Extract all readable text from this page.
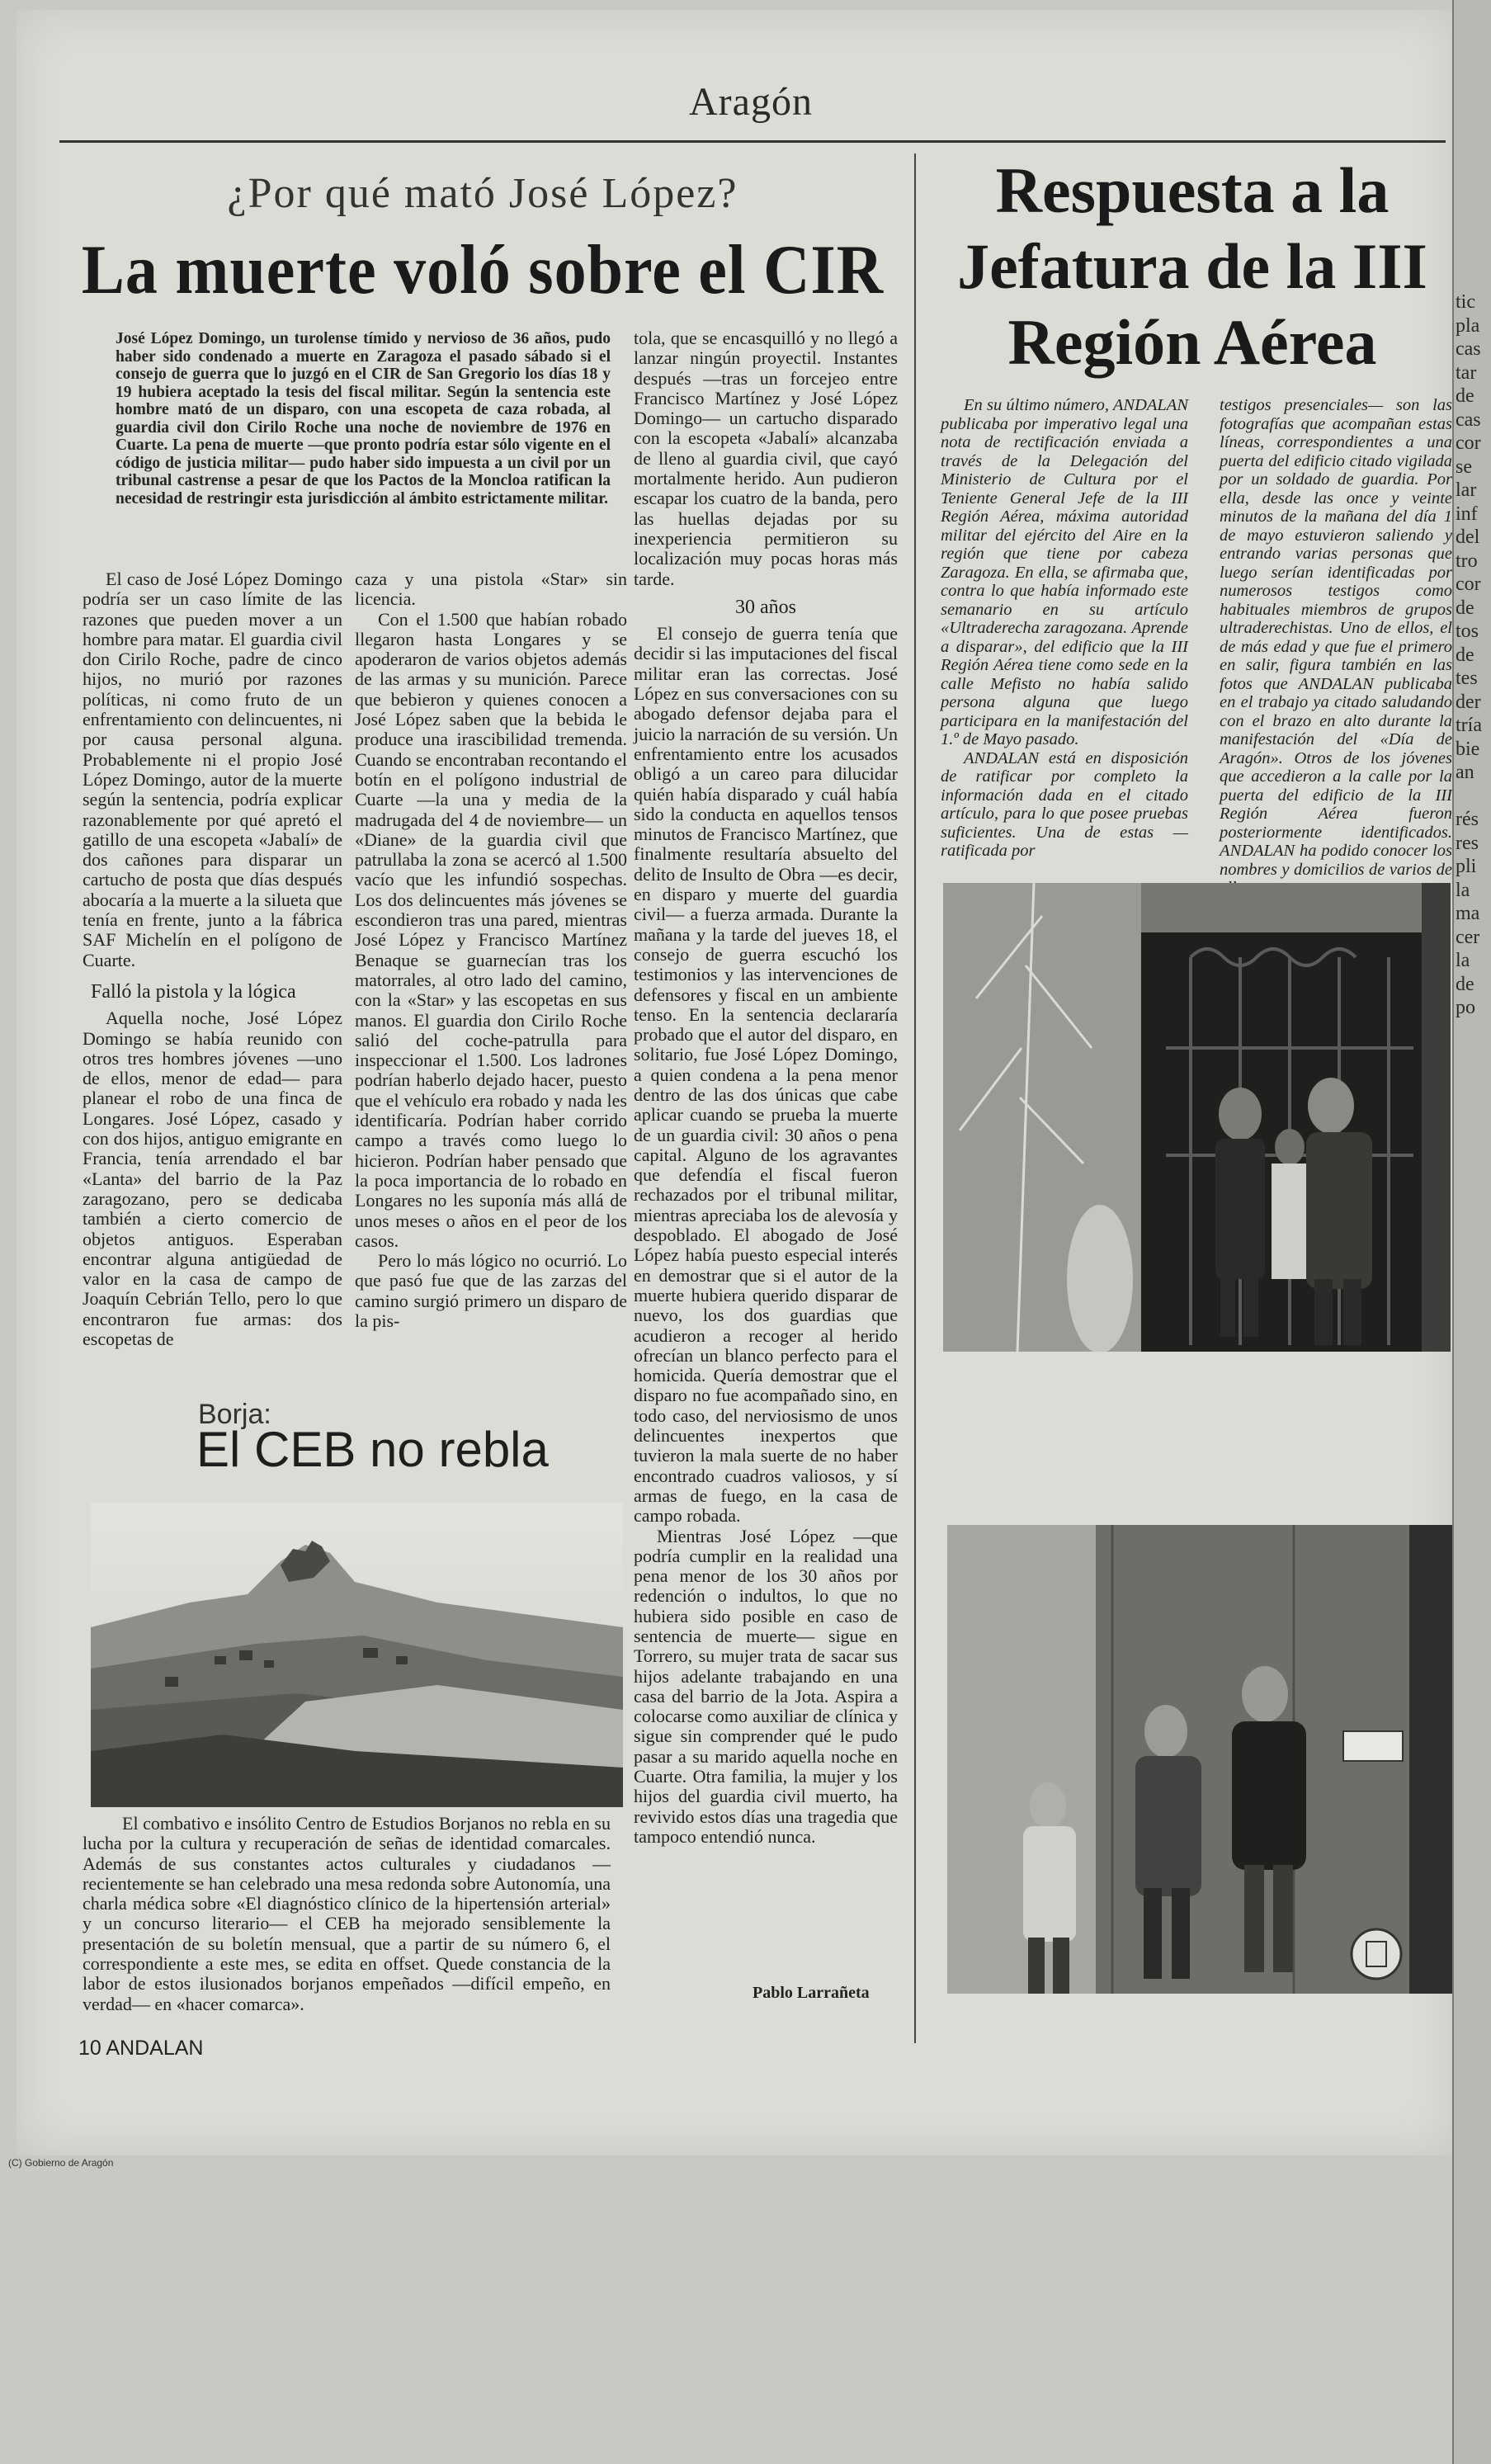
tic
pla
cas
tar
de
cas
cor
se
lar
inf
del
tro
cor
de
tos
de
tes
der
tría
bie
an

rés
res
pli
la
ma
cer
la
de
po
Aragón
¿Por qué mató José López?
La muerte voló sobre el CIR
José López Domingo, un turolense tímido y nervioso de 36 años, pudo haber sido condenado a muerte en Zaragoza el pasado sábado si el consejo de guerra que lo juzgó en el CIR de San Gregorio los días 18 y 19 hubiera aceptado la tesis del fiscal militar. Según la sentencia este hombre mató de un disparo, con una escopeta de caza robada, al guardia civil don Cirilo Roche una noche de noviembre de 1976 en Cuarte. La pena de muerte —que pronto podría estar sólo vigente en el código de justicia militar— pudo haber sido impuesta a un civil por un tribunal castrense a pesar de que los Pactos de la Moncloa ratifican la necesidad de restringir esta jurisdicción al ámbito estrictamente militar.

El caso de José López Domingo podría ser un caso límite de las razones que pueden mover a un hombre para matar. El guardia civil don Cirilo Roche, padre de cinco hijos, no murió por razones políticas, ni como fruto de un enfrentamiento con delincuentes, ni por causa personal alguna. Probablemente ni el propio José López Domingo, autor de la muerte según la sentencia, podría explicar razonablemente por qué apretó el gatillo de una escopeta «Jabalí» de dos cañones para disparar un cartucho de posta que días después abocaría a la muerte a la silueta que tenía en frente, junto a la fábrica SAF Michelín en el polígono de Cuarte.

Falló la pistola y la lógica

Aquella noche, José López Domingo se había reunido con otros tres hombres jóvenes —uno de ellos, menor de edad— para planear el robo de una finca de Longares. José López, casado y con dos hijos, antiguo emigrante en Francia, tenía arrendado el bar «Lanta» del barrio de la Paz zaragozano, pero se dedicaba también a cierto comercio de objetos antiguos. Esperaban encontrar alguna antigüedad de valor en la casa de campo de Joaquín Cebrián Tello, pero lo que encontraron fue armas: dos escopetas de

caza y una pistola «Star» sin licencia.

Con el 1.500 que habían robado llegaron hasta Longares y se apoderaron de varios objetos además de las armas y su munición. Parece que bebieron y quienes conocen a José López saben que la bebida le produce una irascibilidad tremenda. Cuando se encontraban recontando el botín en el polígono industrial de Cuarte —la una y media de la madrugada del 4 de noviembre— un «Diane» de la guardia civil que patrullaba la zona se acercó al 1.500 vacío que les infundió sospechas. Los dos delincuentes más jóvenes se escondieron tras una pared, mientras José López y Francisco Martínez Benaque se guarnecían tras los matorrales, al otro lado del camino, con la «Star» y las escopetas en sus manos. El guardia don Cirilo Roche salió del coche-patrulla para inspeccionar el 1.500. Los ladrones podrían haberlo dejado hacer, puesto que el vehículo era robado y nada les identificaría. Podrían haber corrido campo a través como luego lo hicieron. Podrían haber pensado que la poca importancia de lo robado en Longares no les suponía más allá de unos meses o años en el peor de los casos.

Pero lo más lógico no ocurrió. Lo que pasó fue que de las zarzas del camino surgió primero un disparo de la pis-

tola, que se encasquilló y no llegó a lanzar ningún proyectil. Instantes después —tras un forcejeo entre Francisco Martínez y José López Domingo— un cartucho disparado con la escopeta «Jabalí» alcanzaba de lleno al guardia civil, que cayó mortalmente herido. Aun pudieron escapar los cuatro de la banda, pero las huellas dejadas por su inexperiencia permitieron su localización muy pocas horas más tarde.

30 años

El consejo de guerra tenía que decidir si las imputaciones del fiscal militar eran las correctas. José López en sus conversaciones con su abogado defensor dejaba para el juicio la narración de su versión. Un enfrentamiento entre los acusados obligó a un careo para dilucidar quién había disparado y cuál había sido la conducta en aquellos tensos minutos de Francisco Martínez, que finalmente resultaría absuelto del delito de Insulto de Obra —es decir, en disparo y muerte del guardia civil— a fuerza armada. Durante la mañana y la tarde del jueves 18, el consejo de guerra escuchó los testimonios y las intervenciones de defensores y fiscal en un ambiente tenso. En la sentencia declararía probado que el autor del disparo, en solitario, fue José López Domingo, a quien condena a la pena menor dentro de las dos únicas que cabe aplicar cuando se prueba la muerte de un guardia civil: 30 años o pena capital. Alguno de los agravantes que defendía el fiscal fueron rechazados por el tribunal militar, mientras apreciaba los de alevosía y despoblado. El abogado de José López había puesto especial interés en demostrar que si el autor de la muerte hubiera querido disparar de nuevo, los dos guardias que acudieron a recoger al herido ofrecían un blanco perfecto para el homicida. Quería demostrar que el disparo no fue acompañado sino, en todo caso, del nerviosismo de unos delincuentes inexpertos que tuvieron la mala suerte de no haber encontrado cuadros valiosos, y sí armas de fuego, en la casa de campo robada.

Mientras José López —que podría cumplir en la realidad una pena menor de los 30 años por redención o indultos, lo que no hubiera sido posible en caso de sentencia de muerte— sigue en Torrero, su mujer trata de sacar sus hijos adelante trabajando en una casa del barrio de la Jota. Aspira a colocarse como auxiliar de clínica y sigue sin comprender qué le pudo pasar a su marido aquella noche en Cuarte. Otra familia, la mujer y los hijos del guardia civil muerto, ha revivido estos días una tragedia que tampoco entendió nunca.

Pablo Larrañeta
Borja:
El CEB no rebla

El combativo e insólito Centro de Estudios Borjanos no rebla en su lucha por la cultura y recuperación de señas de identidad comarcales. Además de sus constantes actos culturales y ciudadanos —recientemente se han celebrado una mesa redonda sobre Autonomía, una charla médica sobre «El diagnóstico clínico de la hipertensión arterial» y un concurso literario— el CEB ha mejorado sensiblemente la presentación de su boletín mensual, que a partir de su número 6, el correspondiente a este mes, se edita en offset. Quede constancia de la labor de estos ilusionados borjanos empeñados —difícil empeño, en verdad— en «hacer comarca».

Respuesta a la
Jefatura de la III
Región Aérea

En su último número, ANDALAN publicaba por imperativo legal una nota de rectificación enviada a través de la Delegación del Ministerio de Cultura por el Teniente General Jefe de la III Región Aérea, máxima autoridad militar del ejército del Aire en la región que tiene por cabeza Zaragoza. En ella, se afirmaba que, contra lo que había informado este semanario en su artículo «Ultraderecha zaragozana. Aprende a disparar», del edificio que la III Región Aérea tiene como sede en la calle Mefisto no había salido persona alguna que luego participara en la manifestación del 1.º de Mayo pasado.

ANDALAN está en disposición de ratificar por completo la información dada en el citado artículo, para lo que posee pruebas suficientes. Una de estas —ratificada por

testigos presenciales— son las fotografías que acompañan estas líneas, correspondientes a una puerta del edificio citado vigilada por un soldado de guardia. Por ella, desde las once y veinte minutos de la mañana del día 1 de mayo estuvieron saliendo y entrando varias personas que luego serían identificadas por numerosos testigos como habituales miembros de grupos ultraderechistas. Uno de ellos, el de más edad y que fue el primero en salir, figura también en las fotos que ANDALAN publicaba en el trabajo ya citado saludando con el brazo en alto durante la manifestación del «Día de Aragón». Otros de los jóvenes que accedieron a la calle por la puerta del edificio de la III Región Aérea fueron posteriormente identificados. ANDALAN ha podido conocer los nombres y domicilios de varios de

10 ANDALAN
(C) Gobierno de Aragón
